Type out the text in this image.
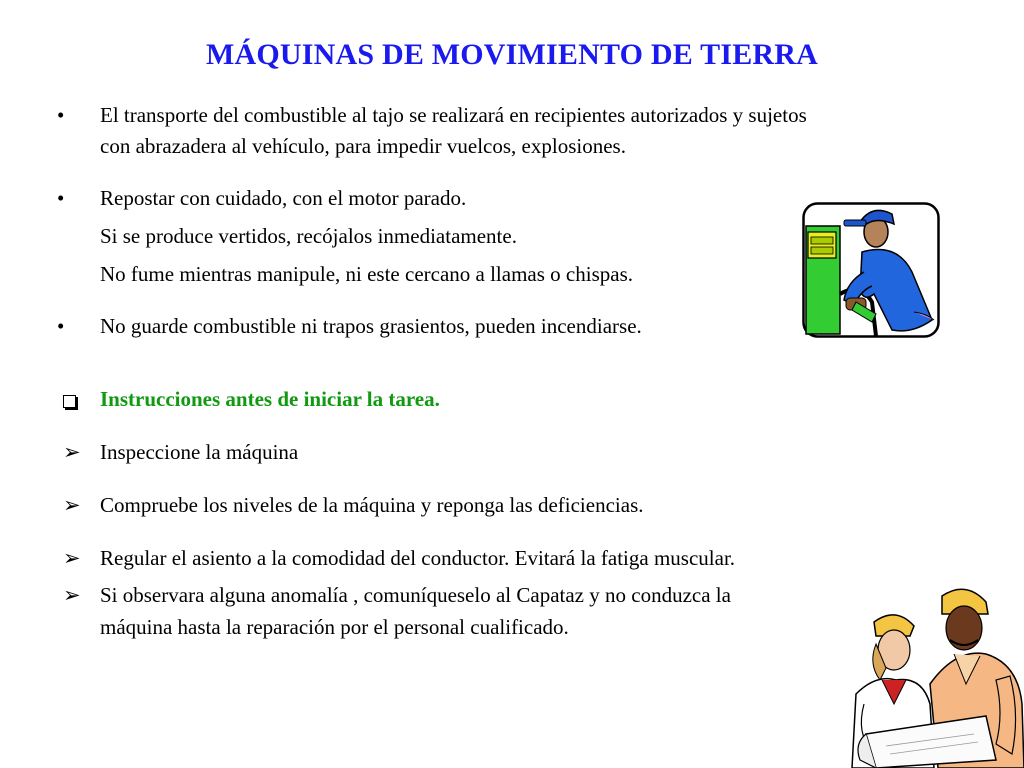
MÁQUINAS DE MOVIMIENTO DE TIERRA
•	El transporte del combustible al tajo se realizará en recipientes autorizados y sujetos
con abrazadera al vehículo, para impedir vuelcos, explosiones.
•	Repostar con cuidado, con el motor parado.
Si se produce vertidos, recójalos inmediatamente.
No fume mientras manipule, ni este cercano a llamas o chispas.
•	No guarde combustible ni trapos grasientos, pueden incendiarse.
Instrucciones antes de iniciar la tarea.
➢ Inspeccione la máquina
➢ Compruebe los niveles de la máquina y reponga las deficiencias.
➢ Regular el asiento a la comodidad del conductor. Evitará la fatiga muscular.
➢ Si observara alguna anomalía , comuníqueselo al Capataz y no conduzca la
máquina hasta la reparación por el personal cualificado.
